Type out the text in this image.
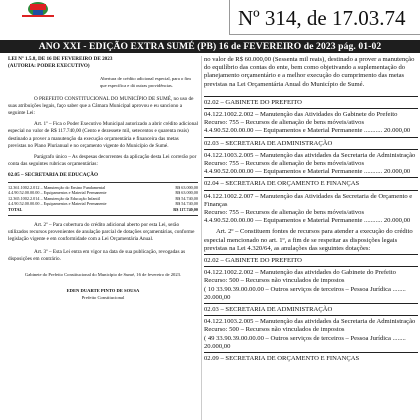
Nº 314, de 17.03.74
ANO XXI - EDIÇÃO EXTRA SUMÉ (PB) 16 de FEVEREIRO de 2023 pág. 01-02

LEI Nº 1.5.8, DE 16 DE FEVEREIRO DE 2023

(AUTORIA: PODER EXECUTIVO)

Abertura de crédito adicional especial, para o fim que específica e dá outras providências.

O PREFEITO CONSTITUCIONAL DO MUNICÍPIO DE SUMÉ, no uso de suas atribuições legais, faço saber que a Câmara Municipal aprovou e eu sanciono a seguinte Lei:

Art. 1º – Fica o Poder Executivo Municipal autorizado a abrir crédito adicional especial no valor de R$ 117.740,00 (Cento e dezessete mil, setecentos e quarenta reais) destinado a prover a manutenção da execução orçamentária e financeira das metas previstas no Plano Plurianual e no orçamento vigente do Município de Sumé.

Parágrafo único – As despesas decorrentes da aplicação desta Lei correrão por conta das seguintes rubricas orçamentárias:

02.05 – SECRETARIA DE EDUCAÇÃO

12.361.1002.2.012 – Manutenção do Ensino Fundamental	R$ 63.000,00
4.4.90.52.00.00.00 – Equipamentos e Material Permanente	R$ 63.000,00
12.365.1002.2.014 – Manutenção da Educação Infantil	R$ 54.740,00
4.4.90.52.00.00.00 – Equipamentos e Material Permanente	R$ 54.740,00
TOTAL	R$ 117.740,00

Art. 2º – Para cobertura do crédito adicional aberto por esta Lei, serão utilizados recursos provenientes de anulação parcial de dotações orçamentárias, conforme legislação vigente e em conformidade com a Lei Orçamentária Anual.

Art. 3º – Esta Lei entra em vigor na data de sua publicação, revogadas as disposições em contrário.

Gabinete do Prefeito Constitucional do Município de Sumé, 16 de fevereiro de 2023.

EDEN DUARTE PINTO DE SOUSA

Prefeito Constitucional

no valor de R$ 60.000,00 (Sessenta mil reais), destinado a prover a manutenção do equilíbrio das contas do ente, bem como objetivando a suplementação do planejamento orçamentário e a melhor execução do cumprimento das metas previstas na Lei Orçamentária Anual do Município de Sumé.

02.02 – GABINETE DO PREFEITO

04.122.1002.2.002 – Manutenção das Atividades do Gabinete do Prefeito

Recurso: 755 – Recursos de alienação de bens móveis/ativos

4.4.90.52.00.00.00 — Equipamentos e Material Permanente ........... 20.000,00

02.03 – SECRETARIA DE ADMINISTRAÇÃO

04.122.1003.2.005 – Manutenção das atividades da Secretaria de Administração

Recurso: 755 – Recursos de alienação de bens móveis/ativos

4.4.90.52.00.00.00 — Equipamentos e Material Permanente ........... 20.000,00

02.04 – SECRETARIA DE ORÇAMENTO E FINANÇAS

04.122.1002.2.007 – Manutenção das Atividades da Secretaria de Orçamento e Finanças

Recurso: 755 – Recursos de alienação de bens móveis/ativos

4.4.90.52.00.00.00 — Equipamentos e Material Permanente ........... 20.000,00

Art. 2º – Constituem fontes de recursos para atender a execução do crédito especial mencionado no art. 1º, a fim de se respeitar as disposições legais previstas na Lei 4.320/64, as anulações das seguintes dotações:

02.02 – GABINETE DO PREFEITO

04.122.1002.2.002 – Manutenção das atividades do Gabinete do Prefeito

Recurso: 500 – Recursos não vinculados de impostos

( 10 33.90.39.00.00.00 – Outros serviços de terceiros – Pessoa Jurídica ........ 20.000,00

02.03 – SECRETARIA DE ADMINISTRAÇÃO

04.122.1003.2.005 – Manutenção das atividades da Secretaria de Administração

Recurso: 500 – Recursos não vinculados de impostos

( 49 33.90.39.00.00.00 – Outros serviços de terceiros – Pessoa Jurídica ........ 20.000,00

02.09 – SECRETARIA DE ORÇAMENTO E FINANÇAS
